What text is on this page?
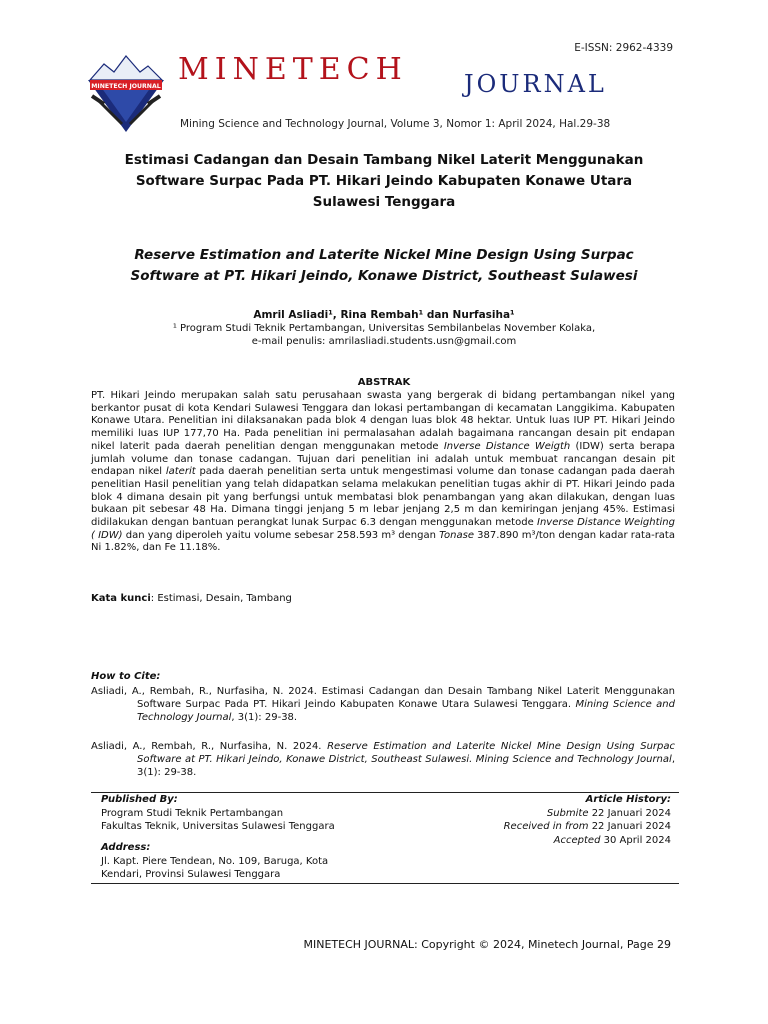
E-ISSN: 2962-4339
MINETECH JOURNAL MINETECH JOURNAL
Mining Science and Technology Journal, Volume 3, Nomor 1: April 2024, Hal.29-38
Estimasi Cadangan dan Desain Tambang Nikel Laterit Menggunakan
Software Surpac Pada PT. Hikari Jeindo Kabupaten Konawe Utara
Sulawesi Tenggara
Reserve Estimation and Laterite Nickel Mine Design Using Surpac
Software at PT. Hikari Jeindo, Konawe District, Southeast Sulawesi
Amril Asliadi¹, Rina Rembah¹ dan Nurfasiha¹
¹ Program Studi Teknik Pertambangan, Universitas Sembilanbelas November Kolaka,
e-mail penulis: amrilasliadi.students.usn@gmail.com
ABSTRAK

PT. Hikari Jeindo merupakan salah satu perusahaan swasta yang bergerak di bidang pertambangan nikel yang berkantor pusat di kota Kendari Sulawesi Tenggara dan lokasi pertambangan di kecamatan Langgikima. Kabupaten Konawe Utara. Penelitian ini dilaksanakan pada blok 4 dengan luas blok 48 hektar. Untuk luas IUP PT. Hikari Jeindo memiliki luas IUP 177,70 Ha. Pada penelitian ini permalasahan adalah bagaimana rancangan desain pit endapan nikel laterit pada daerah penelitian dengan menggunakan metode Inverse Distance Weigth (IDW) serta berapa jumlah volume dan tonase cadangan. Tujuan dari penelitian ini adalah untuk membuat rancangan desain pit endapan nikel laterit pada daerah penelitian serta untuk mengestimasi volume dan tonase cadangan pada daerah penelitian Hasil penelitian yang telah didapatkan selama melakukan penelitian tugas akhir di PT. Hikari Jeindo pada blok 4 dimana desain pit yang berfungsi untuk membatasi blok penambangan yang akan dilakukan, dengan luas bukaan pit sebesar 48 Ha. Dimana tinggi jenjang 5 m lebar jenjang 2,5 m dan kemiringan jenjang 45%. Estimasi didilakukan dengan bantuan perangkat lunak Surpac 6.3 dengan menggunakan metode Inverse Distance Weighting ( IDW) dan yang diperoleh yaitu volume sebesar 258.593 m³ dengan Tonase 387.890 m³/ton dengan kadar rata-rata Ni 1.82%, dan Fe 11.18%.

Kata kunci: Estimasi, Desain, Tambang
How to Cite:
Asliadi, A., Rembah, R., Nurfasiha, N. 2024. Estimasi Cadangan dan Desain Tambang Nikel Laterit Menggunakan Software Surpac Pada PT. Hikari Jeindo Kabupaten Konawe Utara Sulawesi Tenggara. Mining Science and Technology Journal, 3(1): 29-38.
Asliadi, A., Rembah, R., Nurfasiha, N. 2024. Reserve Estimation and Laterite Nickel Mine Design Using Surpac Software at PT. Hikari Jeindo, Konawe District, Southeast Sulawesi. Mining Science and Technology Journal, 3(1): 29-38.
Published By:
Program Studi Teknik Pertambangan
Fakultas Teknik, Universitas Sulawesi Tenggara
Address:
Jl. Kapt. Piere Tendean, No. 109, Baruga, Kota
Kendari, Provinsi Sulawesi Tenggara
Article History:
Submite 22 Januari 2024
Received in from 22 Januari 2024
Accepted 30 April 2024
MINETECH JOURNAL: Copyright © 2024, Minetech Journal, Page 29
